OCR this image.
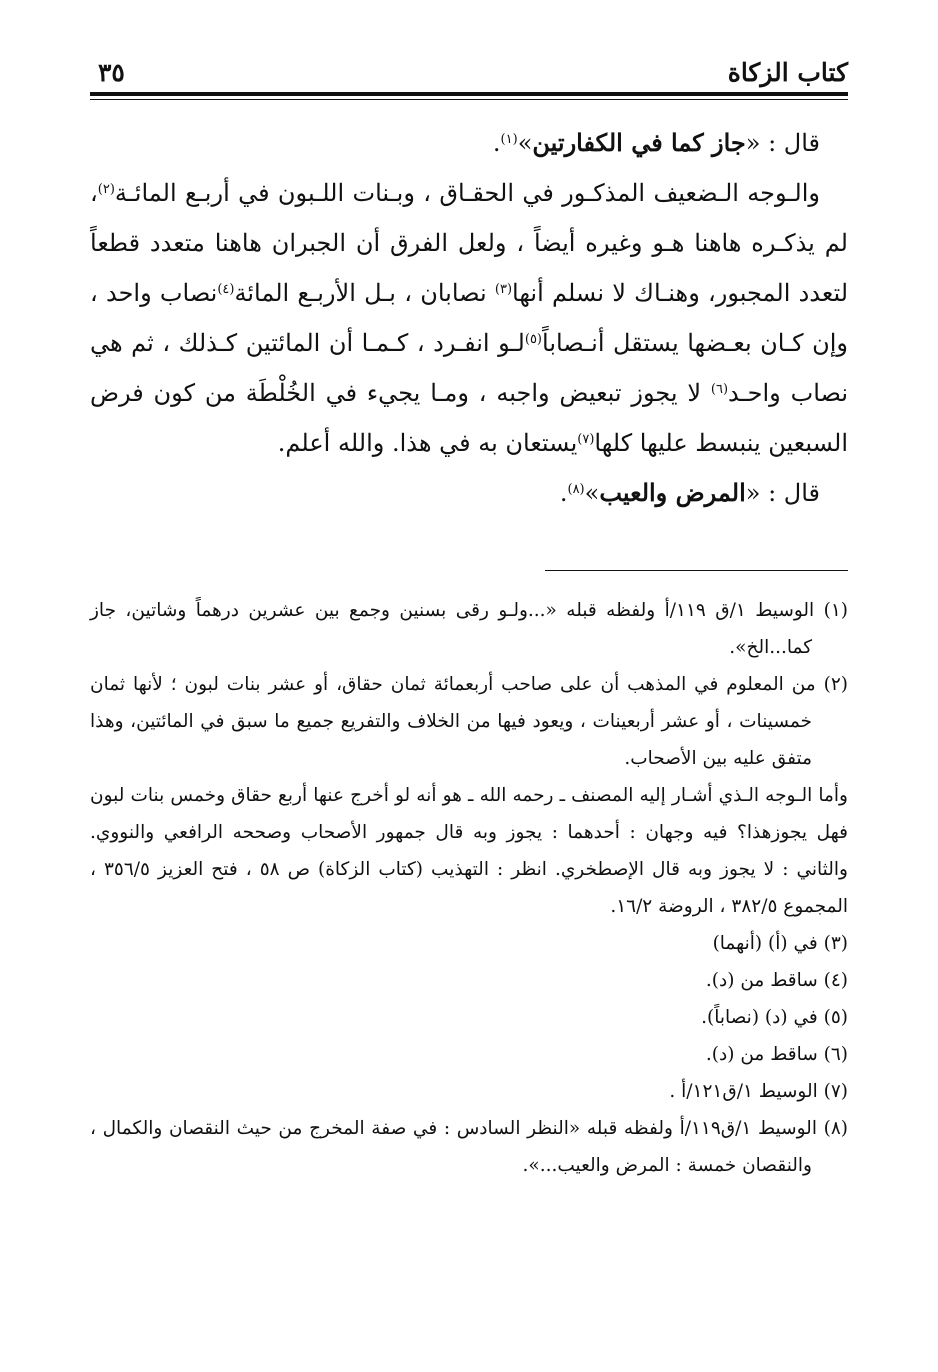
كتاب الزكاة
٣٥

قال : «جاز كما في الكفارتين»$^{(١)}$.

والـوجه الـضعيف المذكـور في الحقـاق ، وبـنات اللـبون في أربـع المائـة$^{(٢)}$، لم يذكـره هاهنا هـو وغيره أيضاً ، ولعل الفرق أن الجبران هاهنا متعدد قطعاً لتعدد المجبور، وهنـاك لا نسلم أنها$^{(٣)}$ نصابان ، بـل الأربـع المائة$^{(٤)}$نصاب واحد ، وإن كـان بعـضها يستقل أنـصاباً$^{(٥)}$لـو انفـرد ، كـمـا أن المائتين كـذلك ، ثم هي نصاب واحـد$^{(٦)}$ لا يجوز تبعيض واجبه ، ومـا يجيء في الخُلْطَة من كون فرض السبعين ينبسط عليها كلها$^{(٧)}$يستعان به في هذا. والله أعلم.

قال : «المرض والعيب»$^{(٨)}$.

(١) الوسيط ١/ق ١١٩/أ ولفظه قبله «...ولـو رقى بسنين وجمع بين عشرين درهماً وشاتين، جاز كما...الخ».

(٢) من المعلوم في المذهب أن على صاحب أربعمائة ثمان حقاق، أو عشر بنات لبون ؛ لأنها ثمان خمسينات ، أو عشر أربعينات ، ويعود فيها من الخلاف والتفريع جميع ما سبق في المائتين، وهذا متفق عليه بين الأصحاب.

وأما الـوجه الـذي أشـار إليه المصنف ـ رحمه الله ـ هو أنه لو أخرج عنها أربع حقاق وخمس بنات لبون فهل يجوزهذا؟ فيه وجهان : أحدهما : يجوز وبه قال جمهور الأصحاب وصححه الرافعي والنووي. والثاني : لا يجوز وبه قال الإصطخري. انظر : التهذيب (كتاب الزكاة) ص ٥٨ ، فتح العزيز ٣٥٦/٥ ، المجموع ٣٨٢/٥ ، الروضة ١٦/٢.

(٣) في (أ) (أنهما)

(٤) ساقط من (د).

(٥) في (د) (نصاباً).

(٦) ساقط من (د).

(٧) الوسيط ١/ق١٢١/أ .

(٨) الوسيط ١/ق١١٩/أ ولفظه قبله «النظر السادس : في صفة المخرج من حيث النقصان والكمال ، والنقصان خمسة : المرض والعيب...».
